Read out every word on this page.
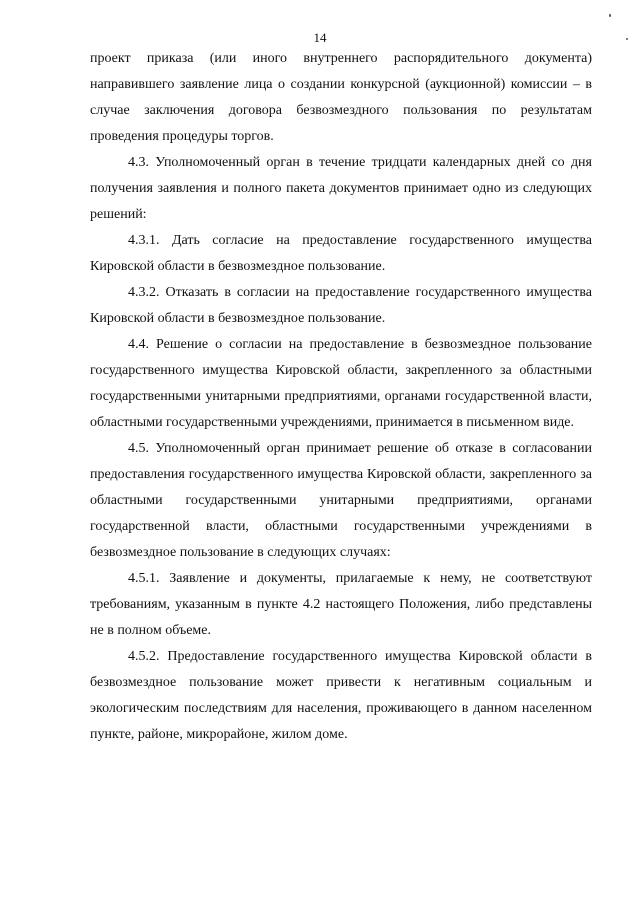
14

проект приказа (или иного внутреннего распорядительного документа) направившего заявление лица о создании конкурсной (аукционной) комиссии – в случае заключения договора безвозмездного пользования по результатам проведения процедуры торгов.

4.3. Уполномоченный орган в течение тридцати календарных дней со дня получения заявления и полного пакета документов принимает одно из следующих решений:

4.3.1. Дать согласие на предоставление государственного имущества Кировской области в безвозмездное пользование.

4.3.2. Отказать в согласии на предоставление государственного имущества Кировской области в безвозмездное пользование.

4.4. Решение о согласии на предоставление в безвозмездное пользование государственного имущества Кировской области, закрепленного за областными государственными унитарными предприятиями, органами государственной власти, областными государственными учреждениями, принимается в письменном виде.

4.5. Уполномоченный орган принимает решение об отказе в согласовании предоставления государственного имущества Кировской области, закрепленного за областными государственными унитарными предприятиями, органами государственной власти, областными государственными учреждениями в безвозмездное пользование в следующих случаях:

4.5.1. Заявление и документы, прилагаемые к нему, не соответствуют требованиям, указанным в пункте 4.2 настоящего Положения, либо представлены не в полном объеме.

4.5.2. Предоставление государственного имущества Кировской области в безвозмездное пользование может привести к негативным социальным и экологическим последствиям для населения, проживающего в данном населенном пункте, районе, микрорайоне, жилом доме.
